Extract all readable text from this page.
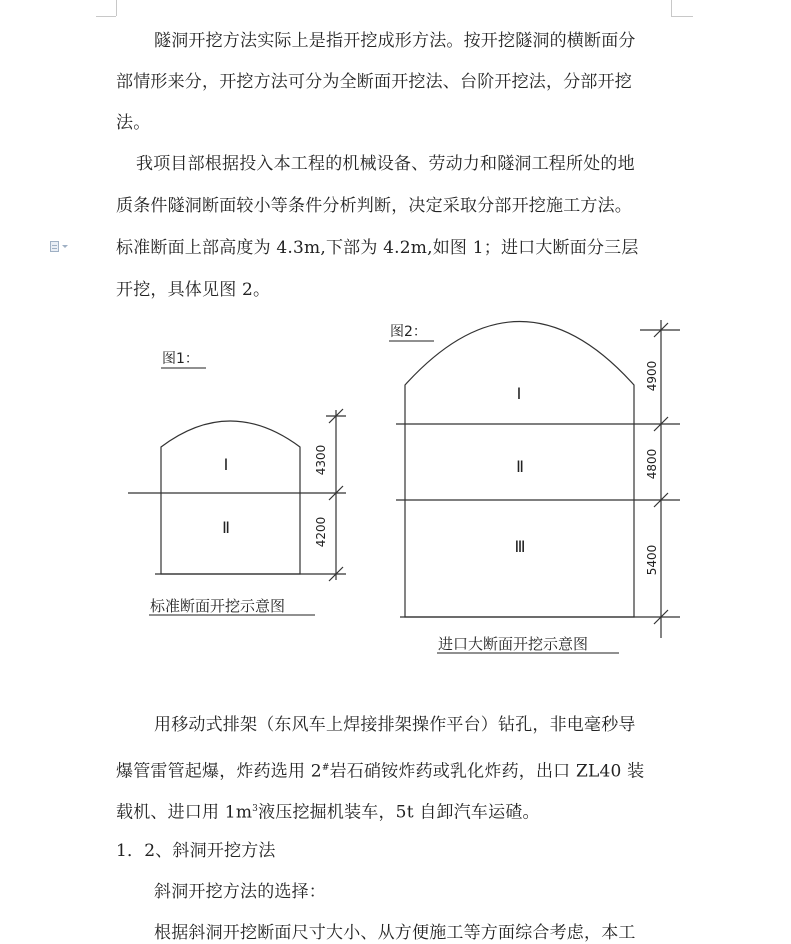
隧洞开挖方法实际上是指开挖成形方法。按开挖隧洞的横断面分
部情形来分，开挖方法可分为全断面开挖法、台阶开挖法，分部开挖
法。
我项目部根据投入本工程的机械设备、劳动力和隧洞工程所处的地
质条件隧洞断面较小等条件分析判断，决定采取分部开挖施工方法。
标准断面上部高度为 4.3m,下部为 4.2m,如图 1；进口大断面分三层
开挖，具体见图 2。
图1：
图2：
Ⅰ
Ⅱ
Ⅰ
Ⅱ
Ⅲ
4300
4200
4900
4800
5400
标准断面开挖示意图
进口大断面开挖示意图
用移动式排架（东风车上焊接排架操作平台）钻孔，非电毫秒导
爆管雷管起爆，炸药选用 2#岩石硝铵炸药或乳化炸药，出口 ZL40 装
载机、进口用 $1m^3$液压挖掘机装车，5t 自卸汽车运碴。
1．2、斜洞开挖方法
斜洞开挖方法的选择：
根据斜洞开挖断面尺寸大小、从方便施工等方面综合考虑，本工
